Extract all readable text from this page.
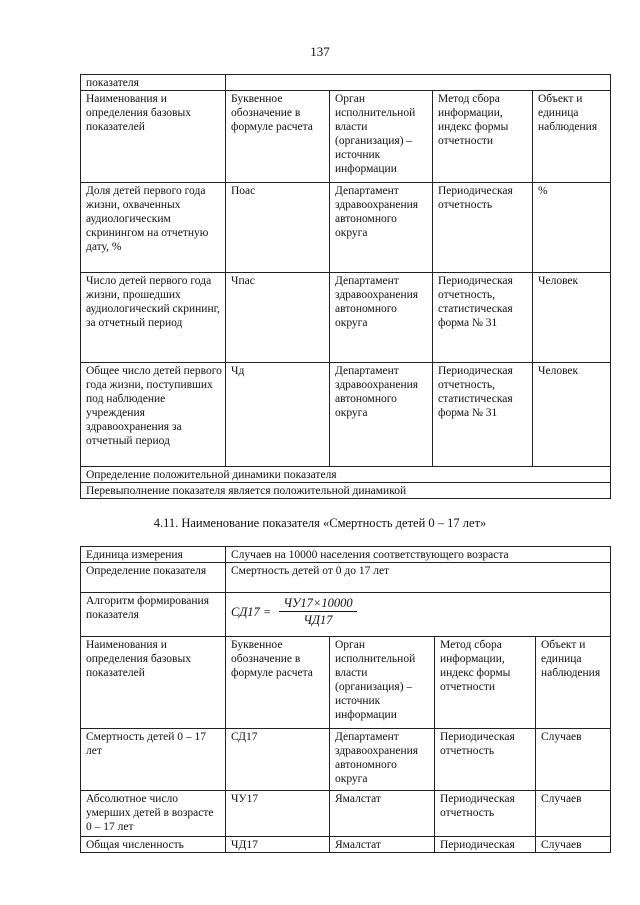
137
показателя				
Наименования и определения базовых показателей	Буквенное обозначение в формуле расчета	Орган исполнительной власти (организация) – источник информации	Метод сбора информации, индекс формы отчетности	Объект и единица наблюдения
Доля детей первого года жизни, охваченных аудиологическим скринингом на отчетную дату, %	Поас	Департамент здравоохранения автономного округа	Периодическая отчетность	%
Число детей первого года жизни, прошедших аудиологический скрининг, за отчетный период	Чпас	Департамент здравоохранения автономного округа	Периодическая отчетность, статистическая форма № 31	Человек
Общее число детей первого года жизни, поступивших под наблюдение учреждения здравоохранения за отчетный период	Чд	Департамент здравоохранения автономного округа	Периодическая отчетность, статистическая форма № 31	Человек
Определение положительной динамики показателя				
Перевыполнение показателя является положительной динамикой				
4.11. Наименование показателя «Смертность детей 0 – 17 лет»
Единица измерения	Случаев на 10000 населения соответствующего возраста			
Определение показателя	Смертность детей от 0 до 17 лет			
Алгоритм формирования показателя	$СД17 = \frac{ЧУ17\times 10000}{ЧД17}$

Наименования и определения базовых показателей	Буквенное обозначение в формуле расчета	Орган исполнительной власти (организация) – источник информации	Метод сбора информации, индекс формы отчетности	Объект и единица наблюдения
Смертность детей 0 – 17 лет	СД17	Департамент здравоохранения автономного округа	Периодическая отчетность	Случаев
Абсолютное число умерших детей в возрасте 0 – 17 лет	ЧУ17	Ямалстат	Периодическая отчетность	Случаев
Общая численность	ЧД17	Ямалстат	Периодическая	Случаев
